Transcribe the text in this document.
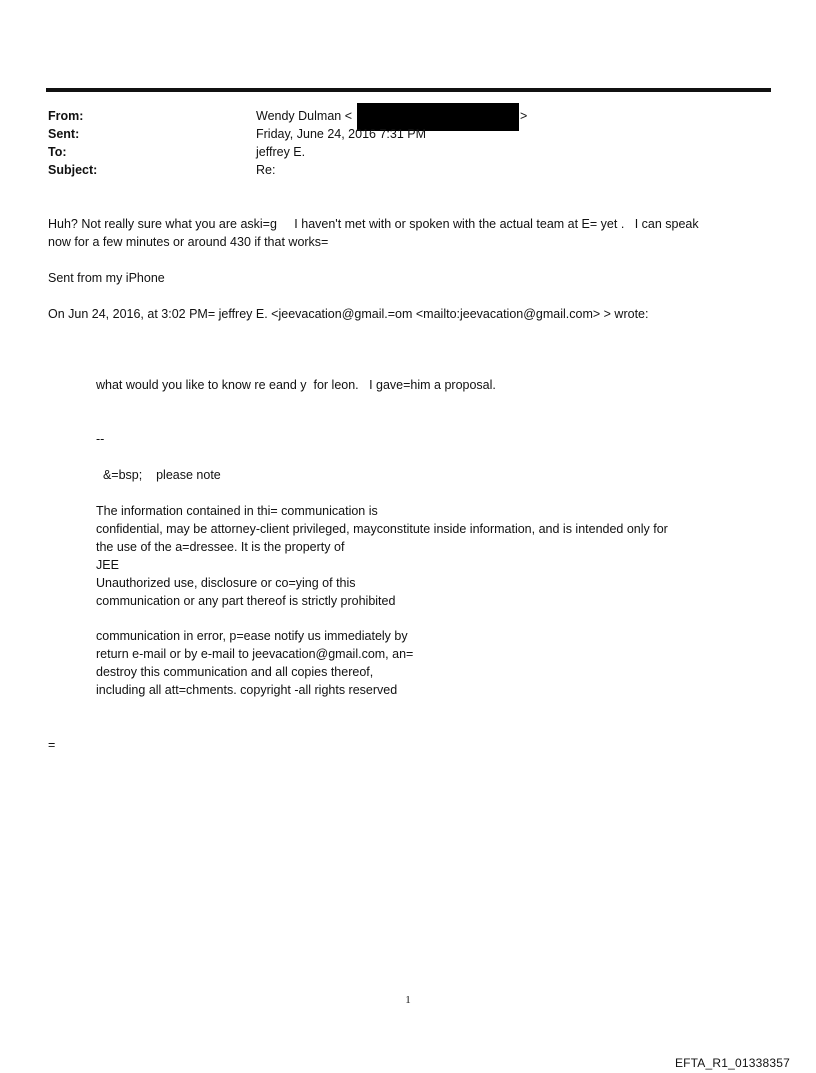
From:	Wendy Dulman <	>
Sent:	Friday, June 24, 2016 7:31 PM
To:	jeffrey E.
Subject:	Re:
Huh? Not really sure what you are aski=g     I haven't met with or spoken with the actual team at E= yet .   I can speak
now for a few minutes or around 430 if that works=
Sent from my iPhone
On Jun 24, 2016, at 3:02 PM= jeffrey E. <jeevacation@gmail.=om <mailto:jeevacation@gmail.com> > wrote:
what would you like to know re eand y  for leon.   I gave=him a proposal.
--
&=bsp;    please note
The information contained in thi= communication is
confidential, may be attorney-client privileged, mayconstitute inside information, and is intended only for
the use of the a=dressee. It is the property of
JEE
Unauthorized use, disclosure or co=ying of this
communication or any part thereof is strictly prohibited
communication in error, p=ease notify us immediately by
return e-mail or by e-mail to jeevacation@gmail.com, an=
destroy this communication and all copies thereof,
including all att=chments. copyright -all rights reserved
=
1
EFTA_R1_01338357
